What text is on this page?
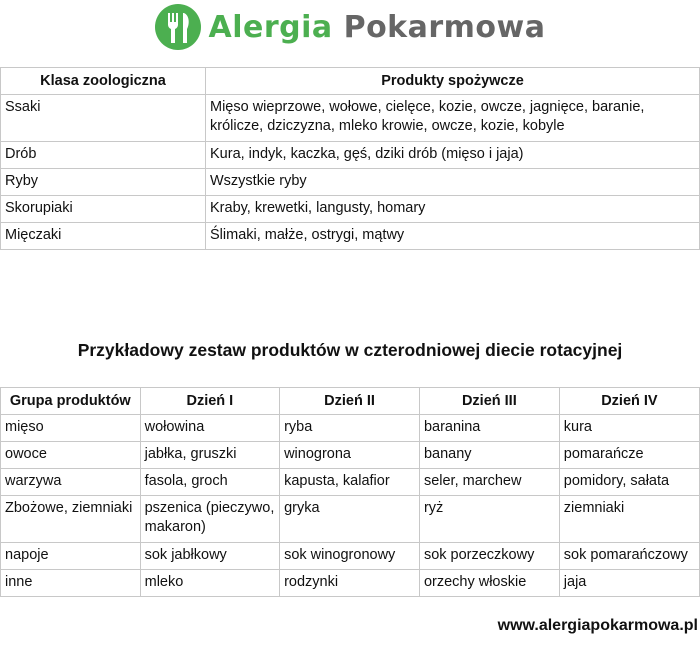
Alergia Pokarmowa
Klasa zoologiczna	Produkty spożywcze
Ssaki	Mięso wieprzowe, wołowe, cielęce, kozie, owcze, jagnięce, baranie, królicze, dziczyzna, mleko krowie, owcze, kozie, kobyle
Drób	Kura, indyk, kaczka, gęś, dziki drób (mięso i jaja)
Ryby	Wszystkie ryby
Skorupiaki	Kraby, krewetki, langusty, homary
Mięczaki	Ślimaki, małże, ostrygi, mątwy
Przykładowy zestaw produktów w czterodniowej diecie rotacyjnej
Grupa produktów	Dzień I	Dzień II	Dzień III	Dzień IV
mięso	wołowina	ryba	baranina	kura
owoce	jabłka, gruszki	winogrona	banany	pomarańcze
warzywa	fasola, groch	kapusta, kalafior	seler, marchew	pomidory, sałata
Zbożowe, ziemniaki	pszenica (pieczywo, makaron)	gryka	ryż	ziemniaki
napoje	sok jabłkowy	sok winogronowy	sok porzeczkowy	sok pomarańczowy
inne	mleko	rodzynki	orzechy włoskie	jaja
www.alergiapokarmowa.pl
